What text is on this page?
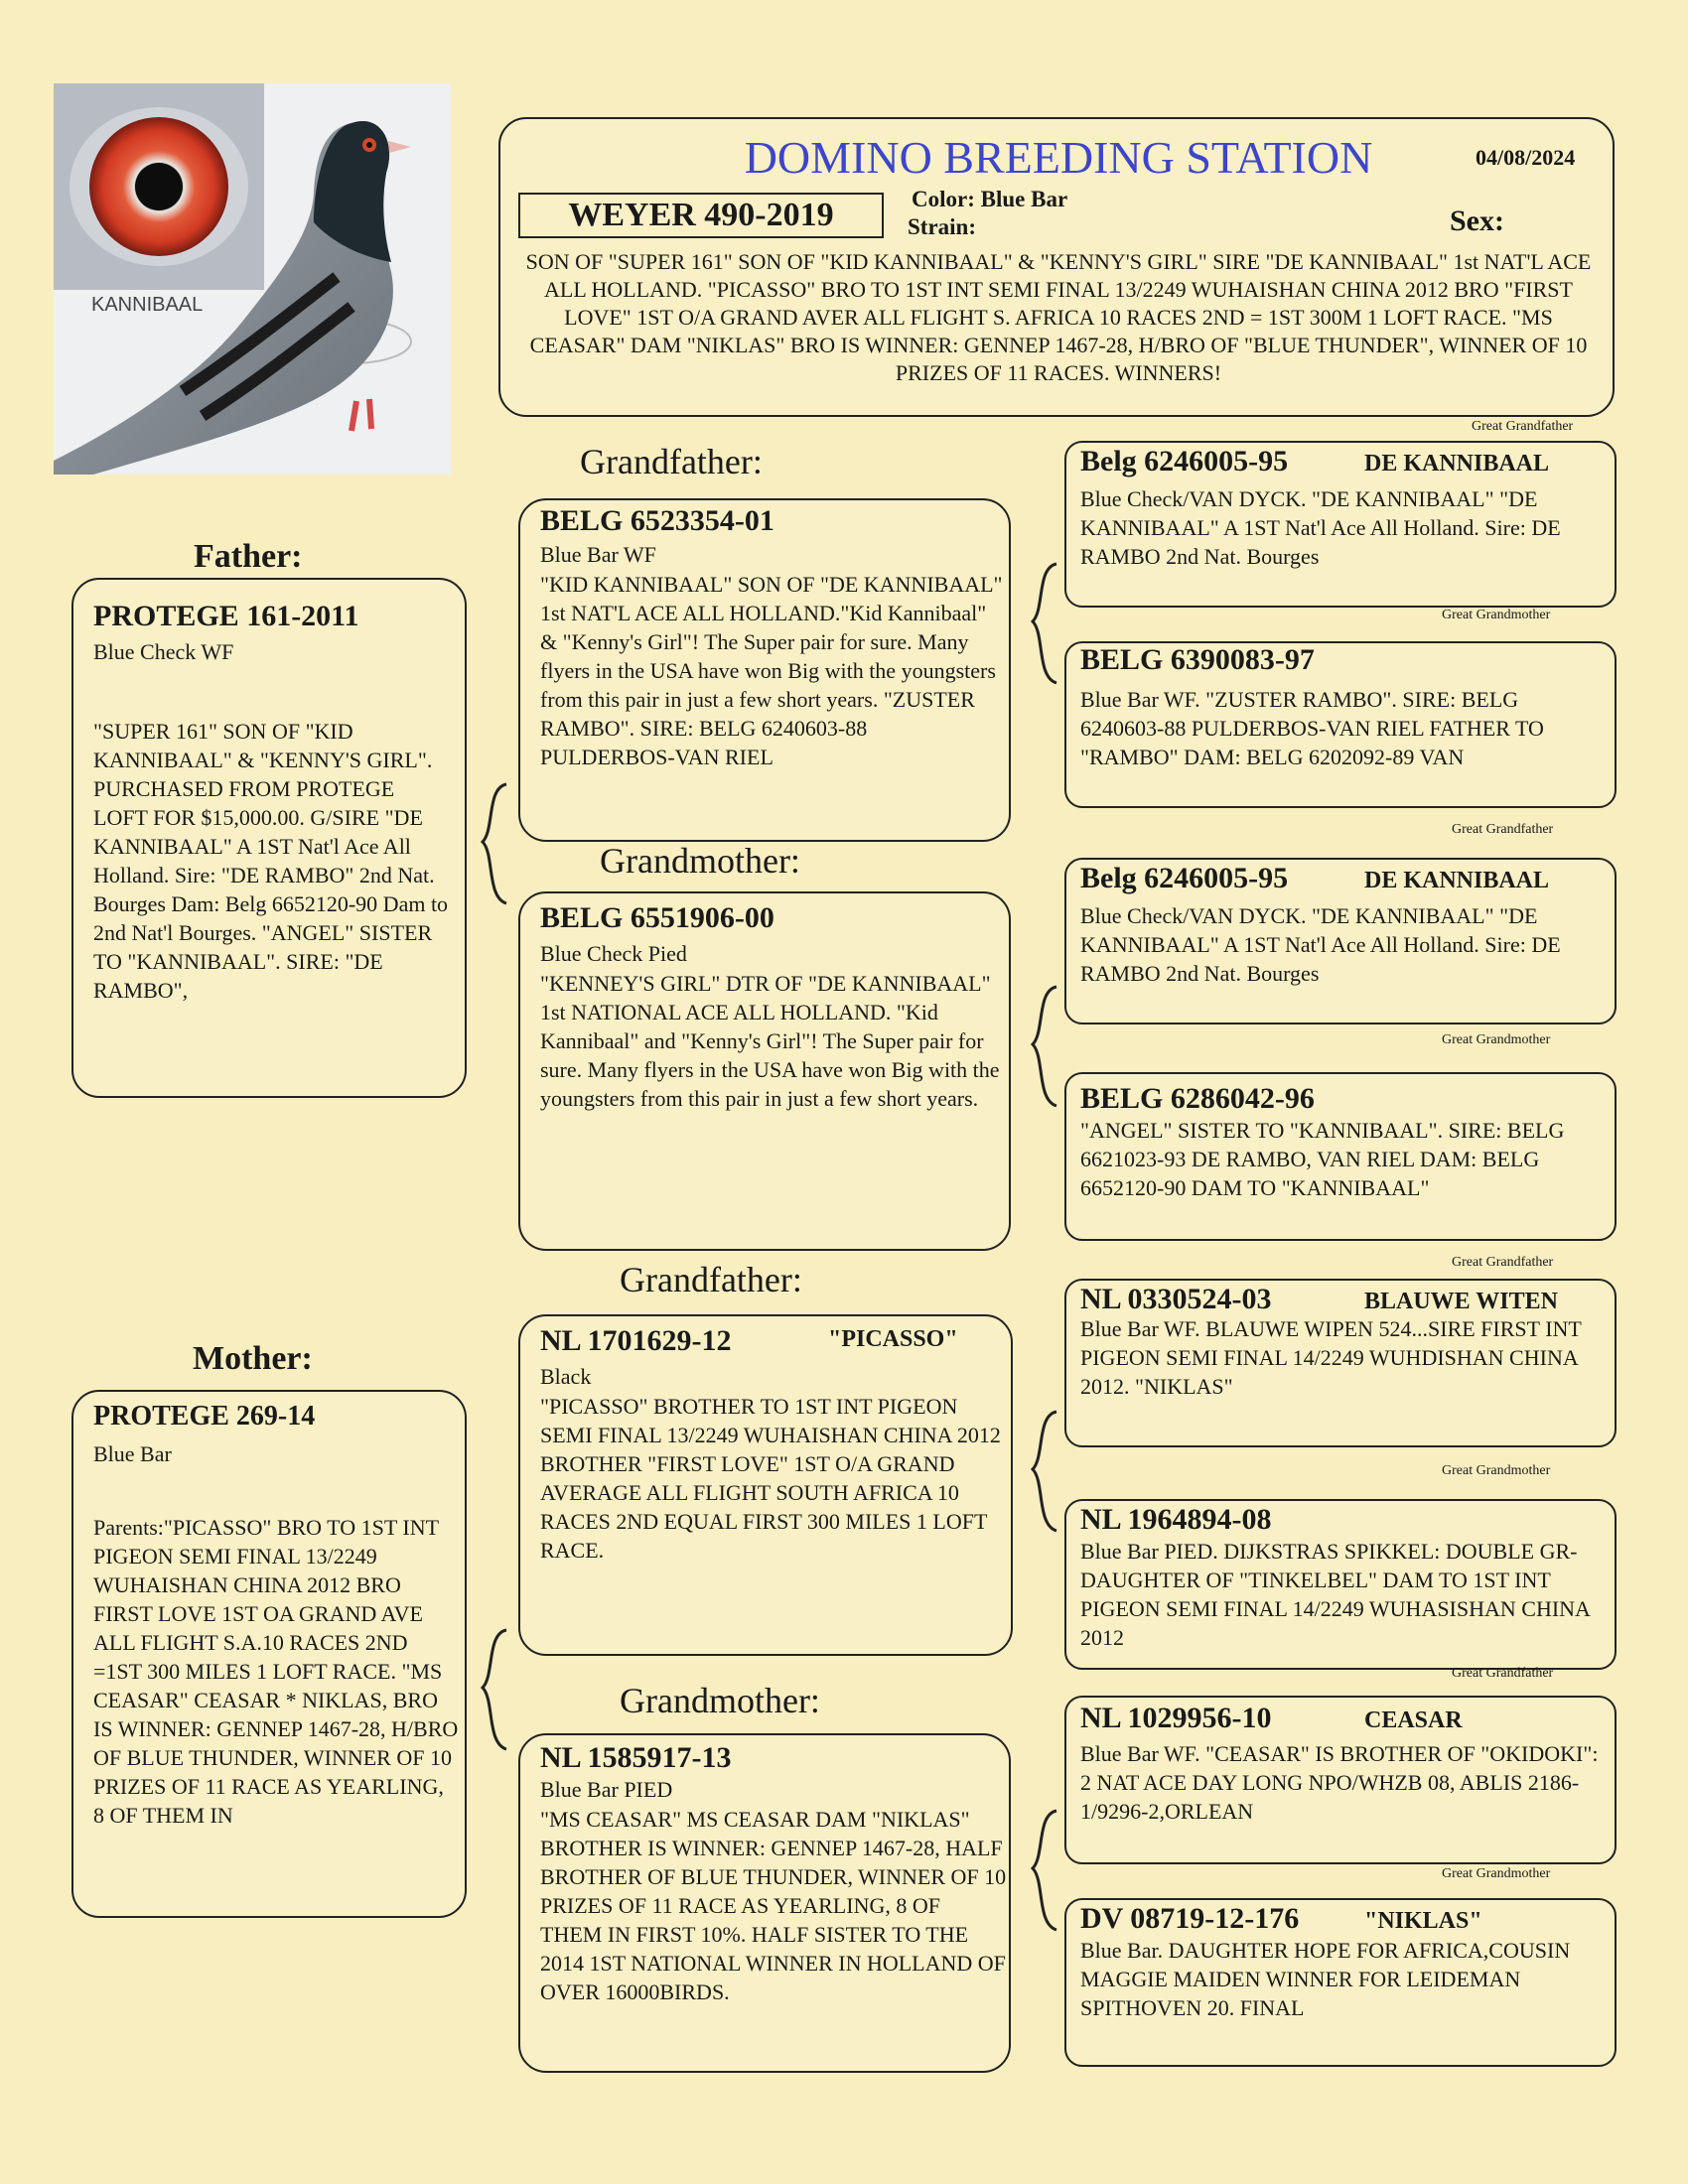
KANNIBAAL
DOMINO BREEDING STATION	04/08/2024
WEYER 490-2019	Color: Blue Bar
Strain:	Sex:
SON OF "SUPER 161" SON OF "KID KANNIBAAL" & "KENNY'S GIRL" SIRE "DE KANNIBAAL" 1st NAT'L ACE ALL HOLLAND. "PICASSO" BRO TO 1ST INT SEMI FINAL 13/2249 WUHAISHAN CHINA 2012 BRO "FIRST LOVE" 1ST O/A GRAND AVER ALL FLIGHT S. AFRICA 10 RACES 2ND = 1ST 300M 1 LOFT RACE. "MS CEASAR" DAM "NIKLAS" BRO IS WINNER: GENNEP 1467-28, H/BRO OF "BLUE THUNDER", WINNER OF 10 PRIZES OF 11 RACES. WINNERS!
Father:
PROTEGE 161-2011
Blue Check WF
"SUPER 161" SON OF "KID KANNIBAAL" & "KENNY'S GIRL". PURCHASED FROM PROTEGE LOFT FOR $15,000.00. G/SIRE "DE KANNIBAAL" A 1ST Nat'l Ace All Holland. Sire: "DE RAMBO" 2nd Nat. Bourges Dam: Belg 6652120-90 Dam to 2nd Nat'l Bourges. "ANGEL" SISTER TO "KANNIBAAL". SIRE: "DE RAMBO",
Mother:
PROTEGE 269-14
Blue Bar
Parents:"PICASSO" BRO TO 1ST INT PIGEON SEMI FINAL 13/2249 WUHAISHAN CHINA 2012 BRO FIRST LOVE 1ST OA GRAND AVE ALL FLIGHT S.A.10 RACES 2ND =1ST 300 MILES 1 LOFT RACE. "MS CEASAR" CEASAR * NIKLAS, BRO IS WINNER: GENNEP 1467-28, H/BRO OF BLUE THUNDER, WINNER OF 10 PRIZES OF 11 RACE AS YEARLING, 8 OF THEM IN
Grandfather:
BELG 6523354-01
Blue Bar WF
"KID KANNIBAAL" SON OF "DE KANNIBAAL" 1st NAT'L ACE ALL HOLLAND."Kid Kannibaal" & "Kenny's Girl"! The Super pair for sure. Many flyers in the USA have won Big with the youngsters from this pair in just a few short years. "ZUSTER RAMBO". SIRE: BELG 6240603-88 PULDERBOS-VAN RIEL
Grandmother:
BELG 6551906-00
Blue Check Pied
"KENNEY'S GIRL" DTR OF "DE KANNIBAAL" 1st NATIONAL ACE ALL HOLLAND. "Kid Kannibaal" and "Kenny's Girl"! The Super pair for sure. Many flyers in the USA have won Big with the youngsters from this pair in just a few short years.
Grandfather:
NL 1701629-12	"PICASSO"
Black
"PICASSO" BROTHER TO 1ST INT PIGEON SEMI FINAL 13/2249 WUHAISHAN CHINA 2012 BROTHER "FIRST LOVE" 1ST O/A GRAND AVERAGE ALL FLIGHT SOUTH AFRICA 10 RACES 2ND EQUAL FIRST 300 MILES 1 LOFT RACE.
Grandmother:
NL 1585917-13
Blue Bar PIED
"MS CEASAR" MS CEASAR DAM "NIKLAS" BROTHER IS WINNER: GENNEP 1467-28, HALF BROTHER OF BLUE THUNDER, WINNER OF 10 PRIZES OF 11 RACE AS YEARLING, 8 OF THEM IN FIRST 10%. HALF SISTER TO THE 2014 1ST NATIONAL WINNER IN HOLLAND OF OVER 16000BIRDS.
Great Grandfather
Belg 6246005-95	DE KANNIBAAL
Blue Check/VAN DYCK. "DE KANNIBAAL" "DE KANNIBAAL" A 1ST Nat'l Ace All Holland. Sire: DE RAMBO 2nd Nat. Bourges
Great Grandmother
BELG 6390083-97
Blue Bar WF. "ZUSTER RAMBO". SIRE: BELG 6240603-88 PULDERBOS-VAN RIEL FATHER TO "RAMBO" DAM: BELG 6202092-89 VAN
Great Grandfather
Belg 6246005-95	DE KANNIBAAL
Blue Check/VAN DYCK. "DE KANNIBAAL" "DE KANNIBAAL" A 1ST Nat'l Ace All Holland. Sire: DE RAMBO 2nd Nat. Bourges
Great Grandmother
BELG 6286042-96
"ANGEL" SISTER TO "KANNIBAAL". SIRE: BELG 6621023-93 DE RAMBO, VAN RIEL DAM: BELG 6652120-90 DAM TO "KANNIBAAL"
Great Grandfather
NL 0330524-03	BLAUWE WITEN
Blue Bar WF. BLAUWE WIPEN 524...SIRE FIRST INT PIGEON SEMI FINAL 14/2249 WUHDISHAN CHINA 2012. "NIKLAS"
Great Grandmother
NL 1964894-08
Blue Bar PIED. DIJKSTRAS SPIKKEL: DOUBLE GR-DAUGHTER OF "TINKELBEL" DAM TO 1ST INT PIGEON SEMI FINAL 14/2249 WUHASISHAN CHINA 2012
Great Grandfather
NL 1029956-10	CEASAR
Blue Bar WF. "CEASAR" IS BROTHER OF "OKIDOKI": 2 NAT ACE DAY LONG NPO/WHZB 08, ABLIS 2186-1/9296-2,ORLEAN
Great Grandmother
DV 08719-12-176	"NIKLAS"
Blue Bar. DAUGHTER HOPE FOR AFRICA,COUSIN MAGGIE MAIDEN WINNER FOR LEIDEMAN SPITHOVEN 20. FINAL
